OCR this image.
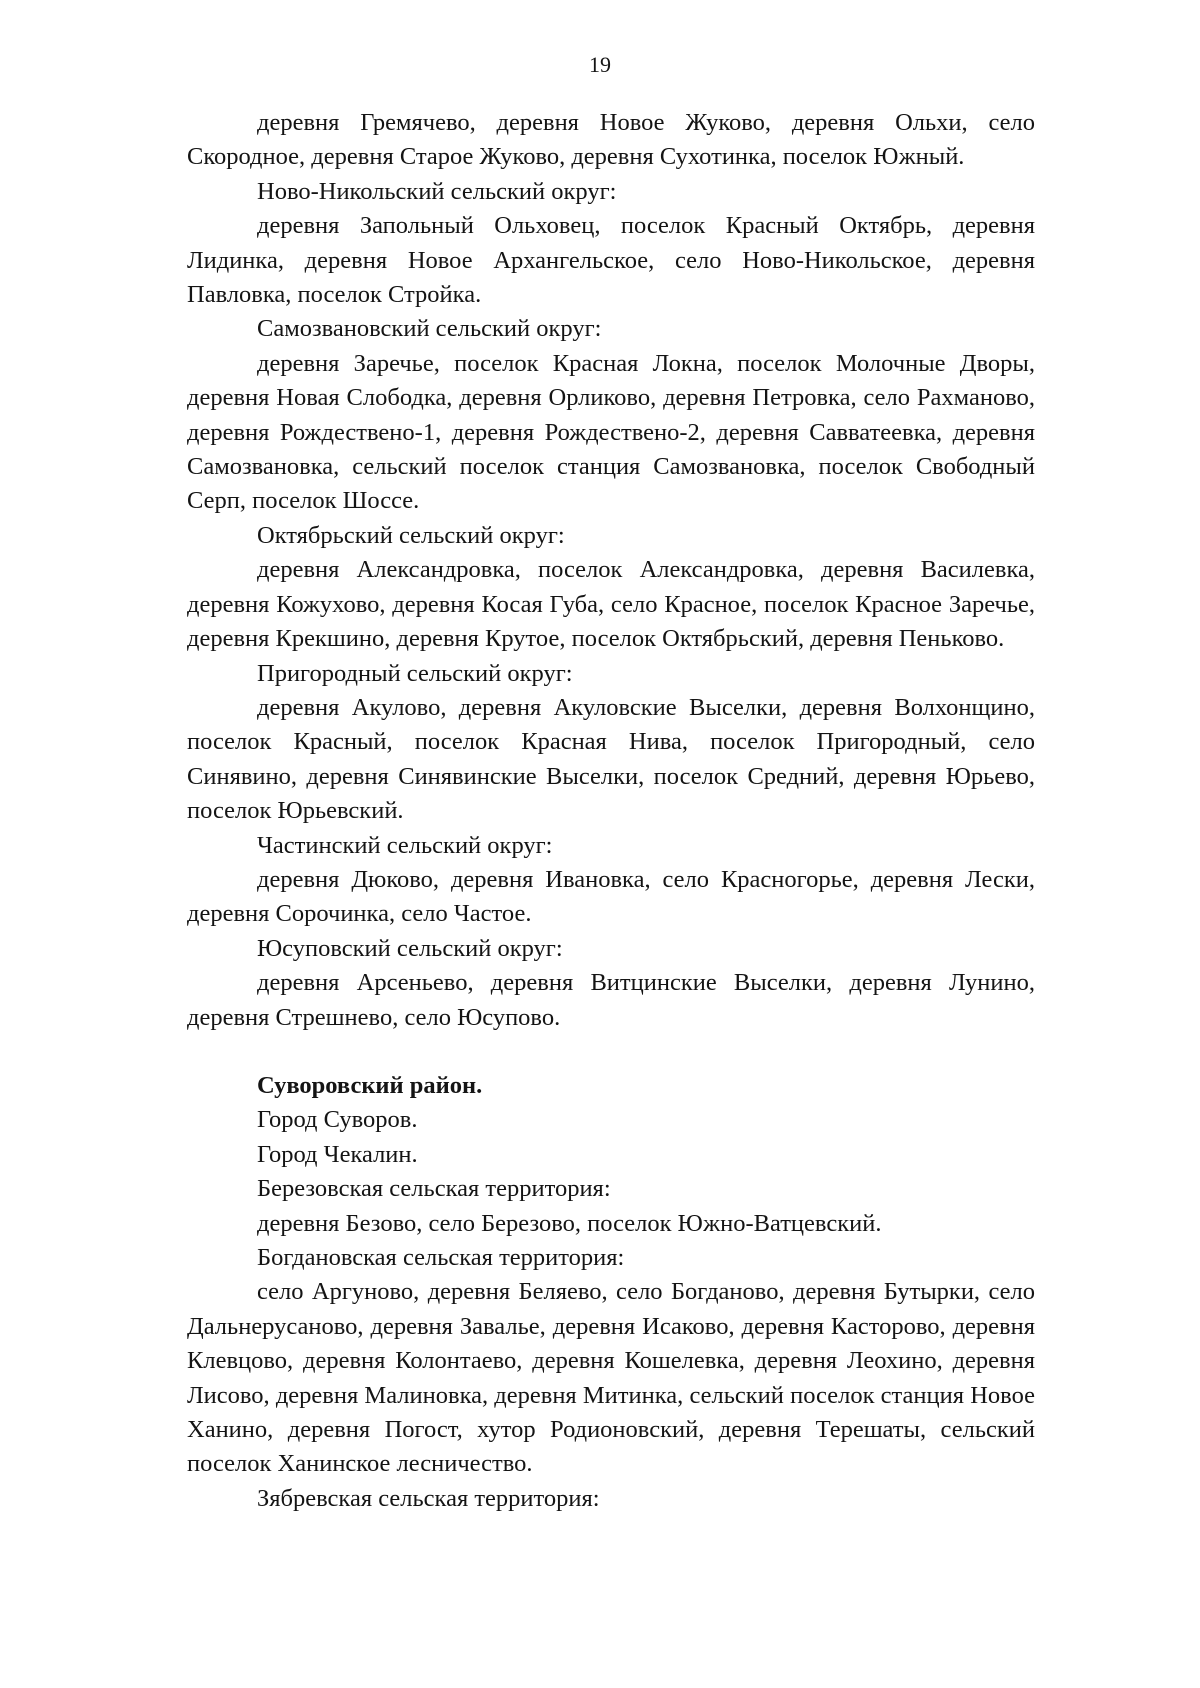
19

деревня Гремячево, деревня Новое Жуково, деревня Ольхи, село Скородное, деревня Старое Жуково, деревня Сухотинка, поселок Южный.

Ново-Никольский сельский округ:

деревня Запольный Ольховец, поселок Красный Октябрь, деревня Лидинка, деревня Новое Архангельское, село Ново-Никольское, деревня Павловка, поселок Стройка.

Самозвановский сельский округ:

деревня Заречье, поселок Красная Локна, поселок Молочные Дворы, деревня Новая Слободка, деревня Орликово, деревня Петровка, село Рахманово, деревня Рождествено-1, деревня Рождествено-2, деревня Савватеевка, деревня Самозвановка, сельский поселок станция Самозвановка, поселок Свободный Серп, поселок Шоссе.

Октябрьский сельский округ:

деревня Александровка, поселок Александровка, деревня Василевка, деревня Кожухово, деревня Косая Губа, село Красное, поселок Красное Заречье, деревня Крекшино, деревня Крутое, поселок Октябрьский, деревня Пеньково.

Пригородный сельский округ:

деревня Акулово, деревня Акуловские Выселки, деревня Волхонщино, поселок Красный, поселок Красная Нива, поселок Пригородный, село Синявино, деревня Синявинские Выселки, поселок Средний, деревня Юрьево, поселок Юрьевский.

Частинский сельский округ:

деревня Дюково, деревня Ивановка, село Красногорье, деревня Лески, деревня Сорочинка, село Частое.

Юсуповский сельский округ:

деревня Арсеньево, деревня Витцинские Выселки, деревня Лунино, деревня Стрешнево, село Юсупово.

Суворовский район.

Город Суворов.

Город Чекалин.

Березовская сельская территория:

деревня Безово, село Березово, поселок Южно-Ватцевский.

Богдановская сельская территория:

село Аргуново, деревня Беляево, село Богданово, деревня Бутырки, село Дальнерусаново, деревня Завалье, деревня Исаково, деревня Касторово, деревня Клевцово, деревня Колонтаево, деревня Кошелевка, деревня Леохино, деревня Лисово, деревня Малиновка, деревня Митинка, сельский поселок станция Новое Ханино, деревня Погост, хутор Родионовский, деревня Терешаты, сельский поселок Ханинское лесничество.

Зябревская сельская территория:
